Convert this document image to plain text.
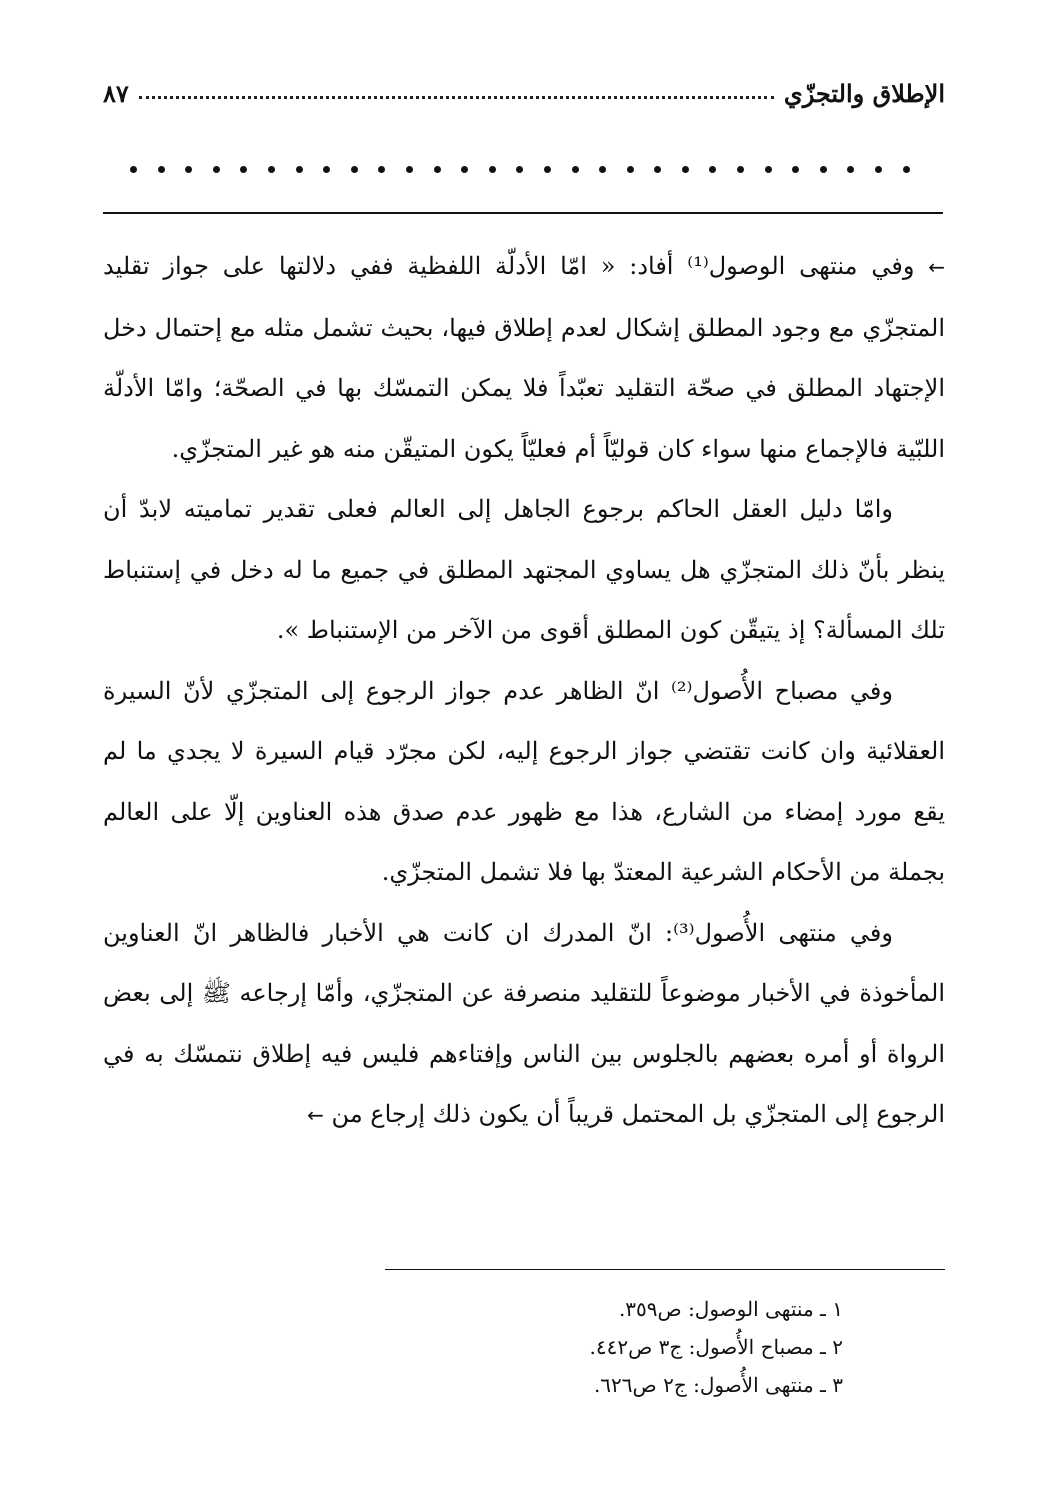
الإطلاق والتجزّي
٨٧

← وفي منتهى الوصول⁽¹⁾ أفاد: « امّا الأدلّة اللفظية ففي دلالتها على جواز تقليد المتجزّي مع وجود المطلق إشكال لعدم إطلاق فيها، بحيث تشمل مثله مع إحتمال دخل الإجتهاد المطلق في صحّة التقليد تعبّداً فلا يمكن التمسّك بها في الصحّة؛ وامّا الأدلّة اللبّية فالإجماع منها سواء كان قوليّاً أم فعليّاً يكون المتيقّن منه هو غير المتجزّي.

وامّا دليل العقل الحاكم برجوع الجاهل إلى العالم فعلى تقدير تماميته لابدّ أن ينظر بأنّ ذلك المتجزّي هل يساوي المجتهد المطلق في جميع ما له دخل في إستنباط تلك المسألة؟ إذ يتيقّن كون المطلق أقوى من الآخر من الإستنباط ».

وفي مصباح الأُصول⁽²⁾ انّ الظاهر عدم جواز الرجوع إلى المتجزّي لأنّ السيرة العقلائية وان كانت تقتضي جواز الرجوع إليه، لكن مجرّد قيام السيرة لا يجدي ما لم يقع مورد إمضاء من الشارع، هذا مع ظهور عدم صدق هذه العناوين إلّا على العالم بجملة من الأحكام الشرعية المعتدّ بها فلا تشمل المتجزّي.

وفي منتهى الأُصول⁽³⁾: انّ المدرك ان كانت هي الأخبار فالظاهر انّ العناوين المأخوذة في الأخبار موضوعاً للتقليد منصرفة عن المتجزّي، وأمّا إرجاعه ﷺ إلى بعض الرواة أو أمره بعضهم بالجلوس بين الناس وإفتاءهم فليس فيه إطلاق نتمسّك به في الرجوع إلى المتجزّي بل المحتمل قريباً أن يكون ذلك إرجاع من ←

١ ـ منتهى الوصول: ص٣٥٩.
٢ ـ مصباح الأُصول: ج٣ ص٤٤٢.
٣ ـ منتهى الأُصول: ج٢ ص٦٢٦.
